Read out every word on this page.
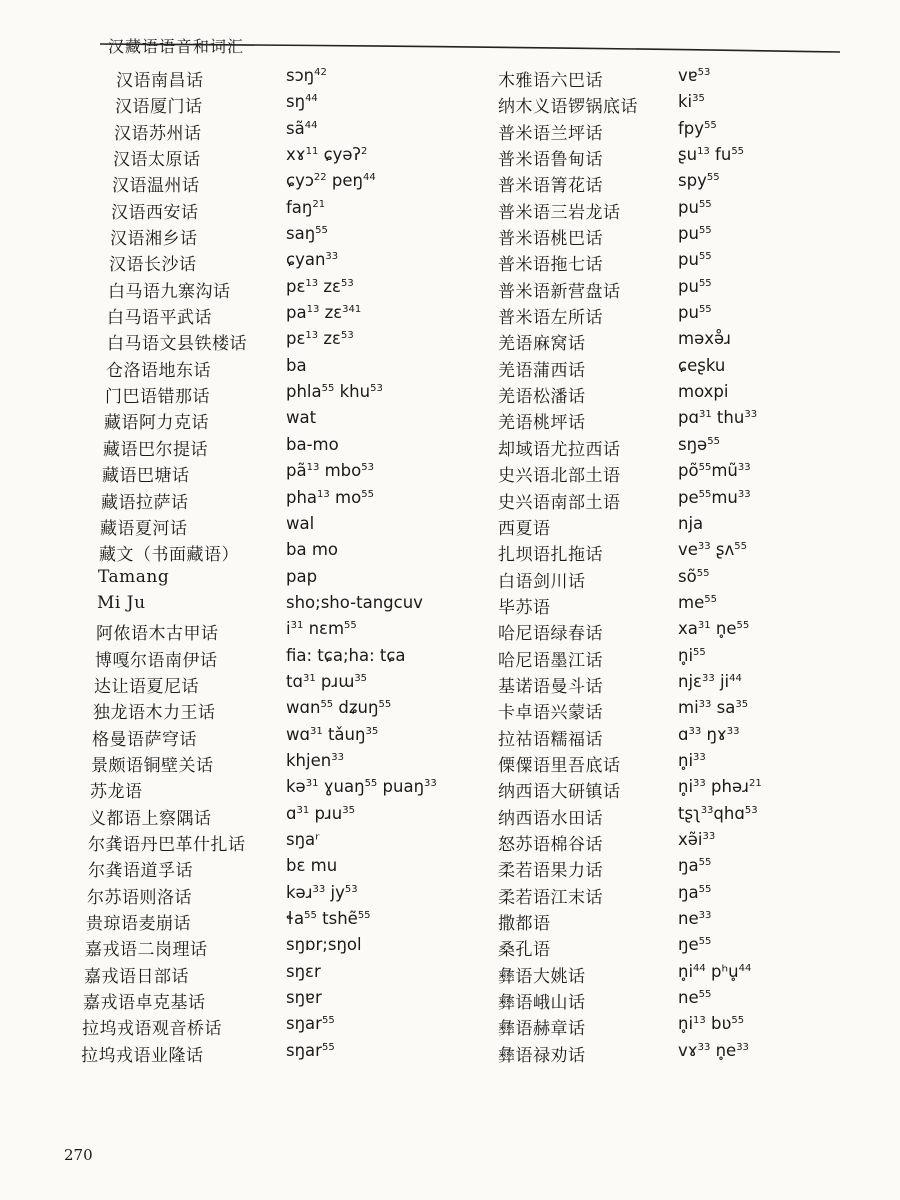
汉藏语语音和词汇
汉语南昌话	sɔŋ$^{42}$
汉语厦门话	$sŋ^{44}$
汉语苏州话	$sã^{44}$
汉语太原话	xɤ$^{11}$ ɕyəʔ$^2$
汉语温州话	ɕyɔ$^{22}$ peŋ$^{44}$
汉语西安话	faŋ$^{21}$
汉语湘乡话	saŋ$^{55}$
汉语长沙话	ɕyan$^{33}$
白马语九寨沟话	pɛ$^{13}$ zɛ$^{53}$
白马语平武话	$pa^{13}$ zɛ$^{341}$
白马语文县铁楼话 pɛ$^{13}$ zɛ$^{53}$
仓洛语地东话	ba
门巴语错那话	phla$^{55}$ khu$^{53}$
藏语阿力克话	wat
藏语巴尔提话	ba-mo
藏语巴塘话	$pã^{13}$ mbo$^{53}$
藏语拉萨话	pha$^{13}$ $mo^{55}$
藏语夏河话	wal
藏文（书面藏语）	ba mo
Tamang	pap
Mi Ju	sho;sho-tangcuv
阿侬语木古甲话	$i^{31}$ nɛm$^{55}$
博嘎尔语南伊话	fia: tɕa;ha: tɕa
达让语夏尼话	tɑ$^{31}$ pɹɯ$^{35}$
独龙语木力王话	wɑn$^{55}$ dʑuŋ$^{55}$
格曼语萨穹话	wɑ$^{31}$ tǎuŋ$^{35}$
景颇语铜壁关话	khjen$^{33}$
苏龙语	kə$^{31}$ ɣuaŋ$^{55}$ puaŋ$^{33}$
义都语上察隅话	ɑ$^{31}$ pɹu$^{35}$
尔龚语丹巴革什扎话 sŋaʳ
尔龚语道孚话	bɛ mu
尔苏语则洛话	kəɹ$^{33}$ $jy^{53}$
贵琼语麦崩话	ɬa$^{55}$ tshẽ$^{55}$
嘉戎语二岗理话	sŋɒr;sŋol
嘉戎语日部话	sŋɛr
嘉戎语卓克基话	sŋɐr
拉坞戎语观音桥话	sŋar$^{55}$
拉坞戎语业隆话	sŋar$^{55}$
木雅语六巴话	vɐ$^{53}$
纳木义语锣锅底话 $ki^{35}$
普米语兰坪话	fpy$^{55}$
普米语鲁甸话	ʂu$^{13}$ $fu^{55}$
普米语箐花话	spy$^{55}$
普米语三岩龙话	$pu^{55}$
普米语桃巴话	$pu^{55}$
普米语拖七话	$pu^{55}$
普米语新营盘话	$pu^{55}$
普米语左所话	$pu^{55}$
羌语麻窝话	məxə̊ɹ
羌语蒲西话	ɕeʂku
羌语松潘话	moxpi
羌语桃坪话	pɑ$^{31}$ thu$^{33}$
却域语尤拉西话	sŋə$^{55}$
史兴语北部土语	$põ^{55}mũ^{33}$
史兴语南部土语	$pe^{55}mu^{33}$
西夏语	nja
扎坝语扎拖话	$ve^{33}$ ʂʌ$^{55}$
白语剑川话	$sõ^{55}$
毕苏语	$me^{55}$
哈尼语绿春话	$xa^{31}$ $n̥e^{55}$
哈尼语墨江话	$n̥i^{55}$
基诺语曼斗话	njɛ$^{33}$ $ji^{44}$
卡卓语兴蒙话	$mi^{33}$ $sa^{35}$
拉祜语糯福话	ɑ$^{33}$ ŋɤ$^{33}$
傈僳语里吾底话	$n̥i^{33}$
纳西语大研镇话	$n̥i^{33}$ phəɹ$^{21}$
纳西语水田话	tʂʅ$^{33}$qhɑ$^{53}$
怒苏语棉谷话	$xə̃i^{33}$
柔若语果力话	$ŋa^{55}$
柔若语江末话	$ŋa^{55}$
撒都语	$ne^{33}$
桑孔语	$ŋe^{55}$
彝语大姚话	$n̥i^{44}$ pʰu̥$^{44}$
彝语峨山话	$ne^{55}$
彝语赫章话	$n̥i^{13}$ bʋ$^{55}$
彝语禄劝话	vɤ$^{33}$ $n̥e^{33}$
270
